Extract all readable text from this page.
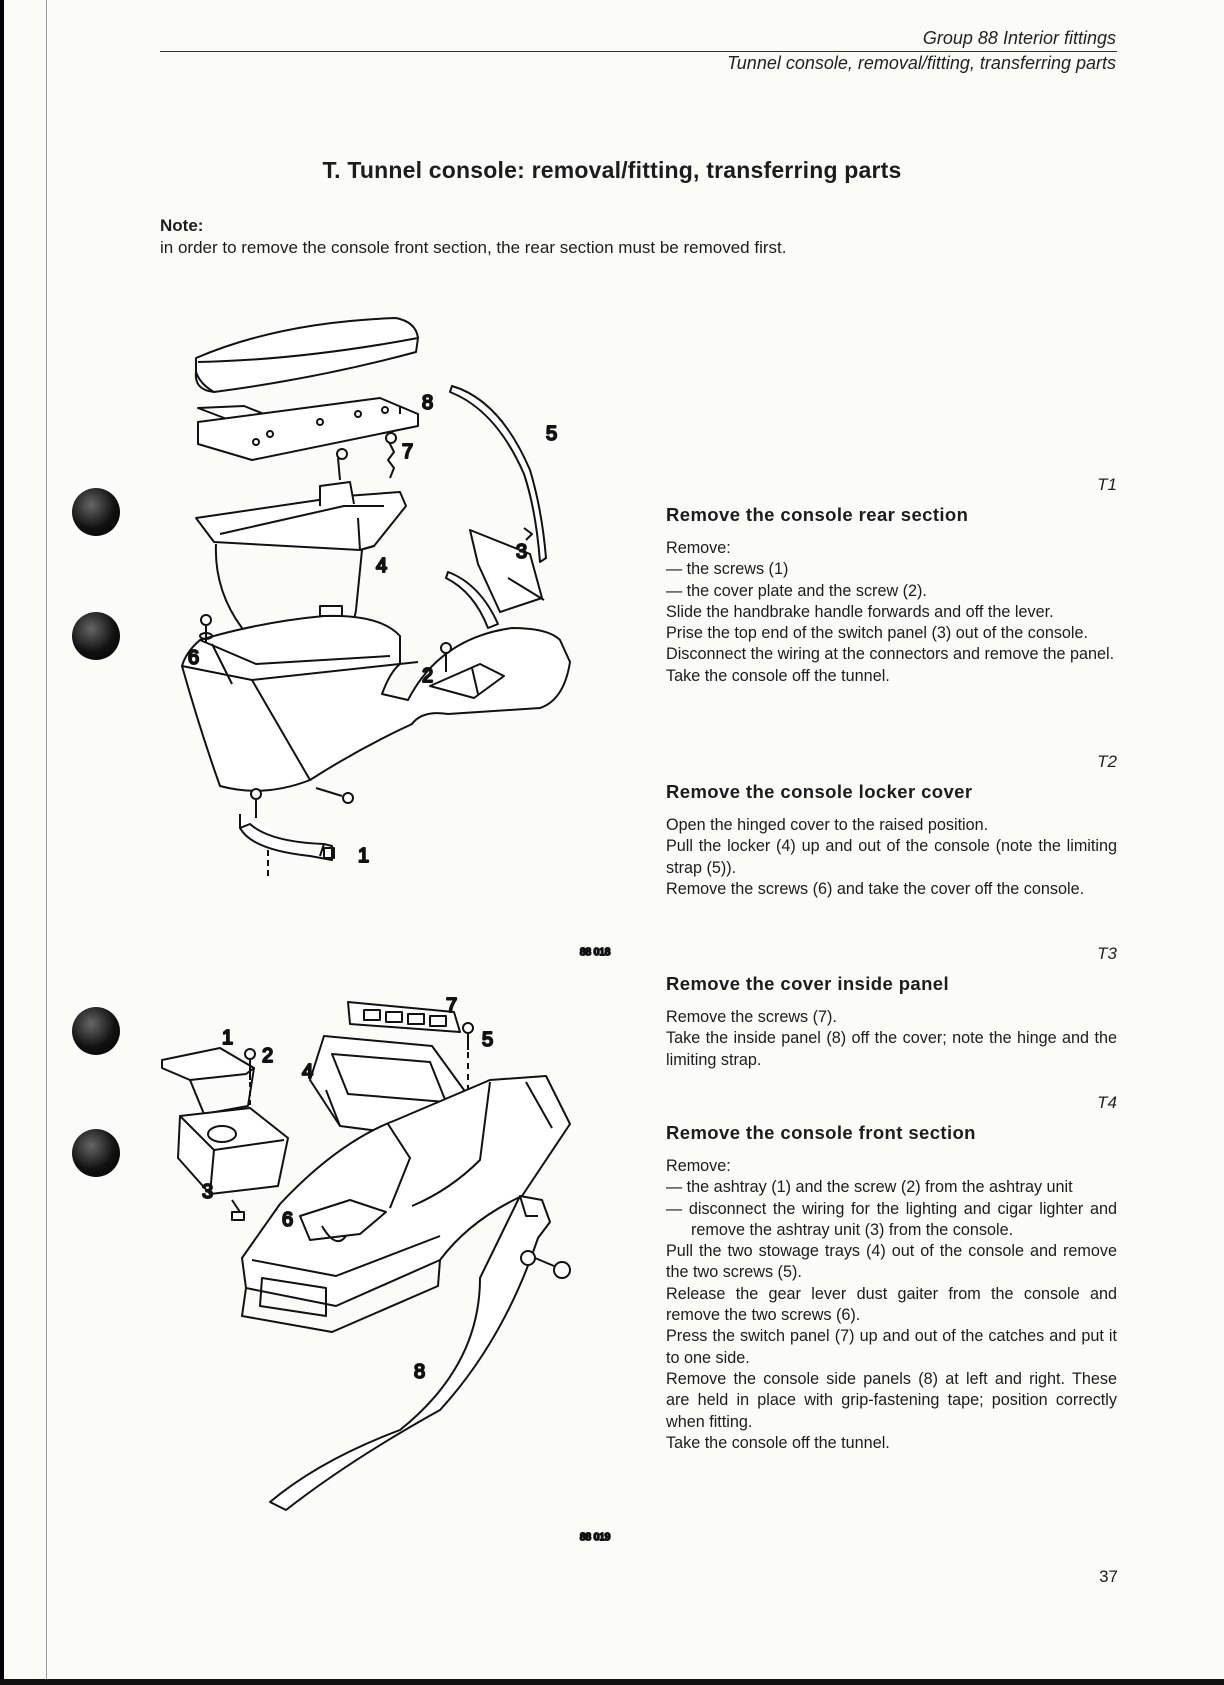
Group 88 Interior fittings
Tunnel console, removal/fitting, transferring parts
T. Tunnel console: removal/fitting, transferring parts
Note:
in order to remove the console front section, the rear section must be removed first.
8
7
5
4
3
2
6
1
88 018
1
2
3
4
5
6
7
8
88 019
T1
Remove the console rear section

Remove:

— the screws (1)

— the cover plate and the screw (2).

Slide the handbrake handle forwards and off the lever.

Prise the top end of the switch panel (3) out of the console.

Disconnect the wiring at the connectors and remove the panel.

Take the console off the tunnel.

T2
Remove the console locker cover

Open the hinged cover to the raised position.

Pull the locker (4) up and out of the console (note the limiting strap (5)).

Remove the screws (6) and take the cover off the console.

T3
Remove the cover inside panel

Remove the screws (7).

Take the inside panel (8) off the cover; note the hinge and the limiting strap.

T4
Remove the console front section

Remove:

— the ashtray (1) and the screw (2) from the ashtray unit

— disconnect the wiring for the lighting and cigar lighter and remove the ashtray unit (3) from the console.

Pull the two stowage trays (4) out of the console and remove the two screws (5).

Release the gear lever dust gaiter from the console and remove the two screws (6).

Press the switch panel (7) up and out of the catches and put it to one side.

Remove the console side panels (8) at left and right. These are held in place with grip-fastening tape; position correctly when fitting.

Take the console off the tunnel.

37
